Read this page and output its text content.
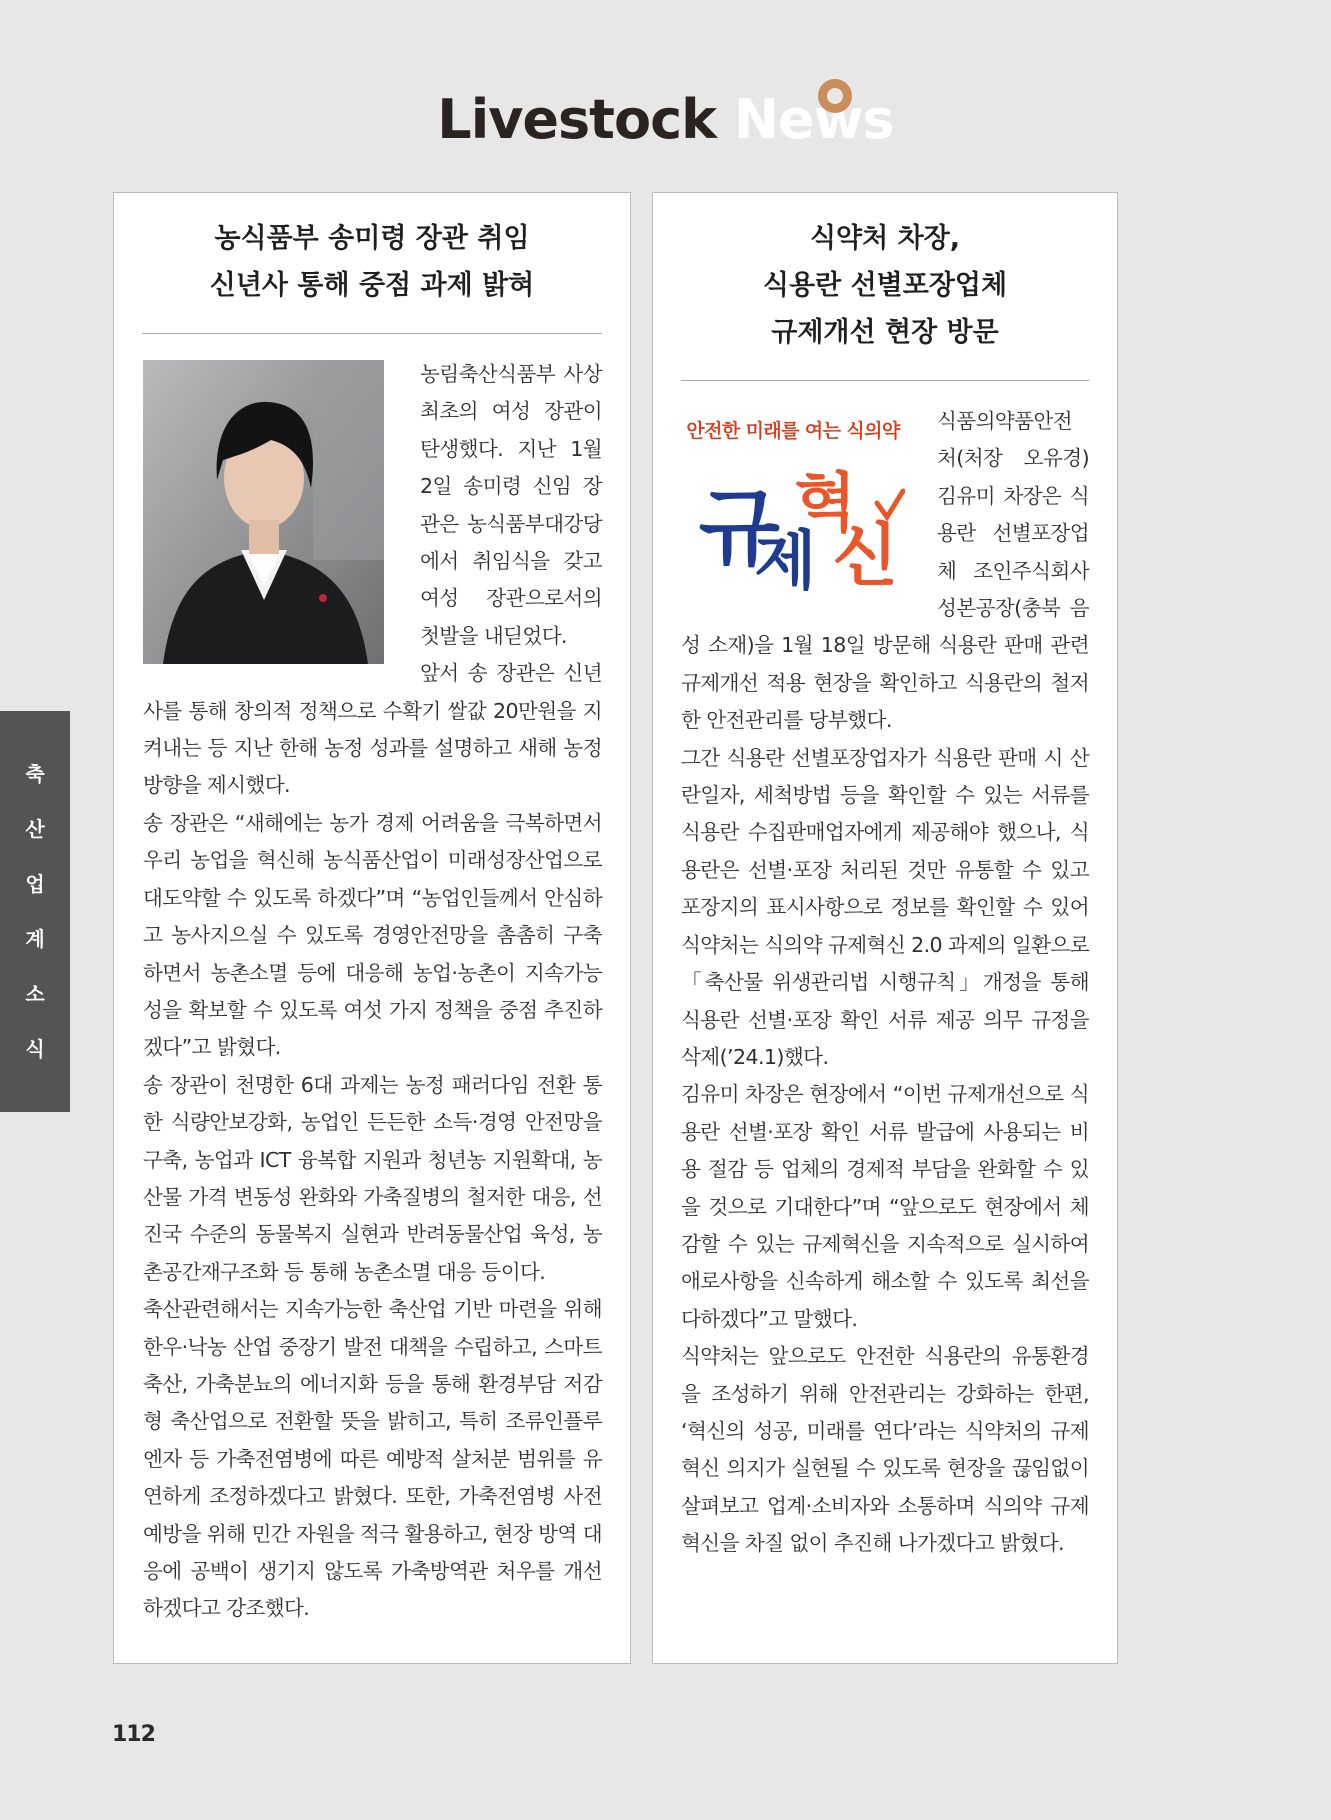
Livestock News
축
산
업
계
소
식
농식품부 송미령 장관 취임
신년사 통해 중점 과제 밝혀

농림축산식품부 사상 최초의 여성 장관이 탄생했다. 지난 1월 2일 송미령 신임 장관은 농식품부대강당에서 취임식을 갖고 여성 장관으로서의 첫발을 내딛었다.

앞서 송 장관은 신년사를 통해 창의적 정책으로 수확기 쌀값 20만원을 지켜내는 등 지난 한해 농정 성과를 설명하고 새해 농정방향을 제시했다.

송 장관은 “새해에는 농가 경제 어려움을 극복하면서 우리 농업을 혁신해 농식품산업이 미래성장산업으로 대도약할 수 있도록 하겠다”며 “농업인들께서 안심하고 농사지으실 수 있도록 경영안전망을 촘촘히 구축하면서 농촌소멸 등에 대응해 농업·농촌이 지속가능성을 확보할 수 있도록 여섯 가지 정책을 중점 추진하겠다”고 밝혔다.

송 장관이 천명한 6대 과제는 농정 패러다임 전환 통한 식량안보강화, 농업인 든든한 소득·경영 안전망을 구축, 농업과 ICT 융복합 지원과 청년농 지원확대, 농산물 가격 변동성 완화와 가축질병의 철저한 대응, 선진국 수준의 동물복지 실현과 반려동물산업 육성, 농촌공간재구조화 등 통해 농촌소멸 대응 등이다.

축산관련해서는 지속가능한 축산업 기반 마련을 위해 한우·낙농 산업 중장기 발전 대책을 수립하고, 스마트 축산, 가축분뇨의 에너지화 등을 통해 환경부담 저감형 축산업으로 전환할 뜻을 밝히고, 특히 조류인플루엔자 등 가축전염병에 따른 예방적 살처분 범위를 유연하게 조정하겠다고 밝혔다. 또한, 가축전염병 사전예방을 위해 민간 자원을 적극 활용하고, 현장 방역 대응에 공백이 생기지 않도록 가축방역관 처우를 개선하겠다고 강조했다.

식약처 차장,
식용란 선별포장업체
규제개선 현장 방문
안전한 미래를 여는 식의약
규
제
혁
신

식품의약품안전처(처장 오유경) 김유미 차장은 식용란 선별포장업체 조인주식회사 성본공장(충북 음성 소재)을 1월 18일 방문해 식용란 판매 관련 규제개선 적용 현장을 확인하고 식용란의 철저한 안전관리를 당부했다.

그간 식용란 선별포장업자가 식용란 판매 시 산란일자, 세척방법 등을 확인할 수 있는 서류를 식용란 수집판매업자에게 제공해야 했으나, 식용란은 선별·포장 처리된 것만 유통할 수 있고 포장지의 표시사항으로 정보를 확인할 수 있어 식약처는 식의약 규제혁신 2.0 과제의 일환으로 「축산물 위생관리법 시행규칙」개정을 통해 식용란 선별·포장 확인 서류 제공 의무 규정을 삭제(’24.1)했다.

김유미 차장은 현장에서 “이번 규제개선으로 식용란 선별·포장 확인 서류 발급에 사용되는 비용 절감 등 업체의 경제적 부담을 완화할 수 있을 것으로 기대한다”며 “앞으로도 현장에서 체감할 수 있는 규제혁신을 지속적으로 실시하여 애로사항을 신속하게 해소할 수 있도록 최선을 다하겠다”고 말했다.

식약처는 앞으로도 안전한 식용란의 유통환경을 조성하기 위해 안전관리는 강화하는 한편, ‘혁신의 성공, 미래를 연다’라는 식약처의 규제혁신 의지가 실현될 수 있도록 현장을 끊임없이 살펴보고 업계·소비자와 소통하며 식의약 규제혁신을 차질 없이 추진해 나가겠다고 밝혔다.

112
